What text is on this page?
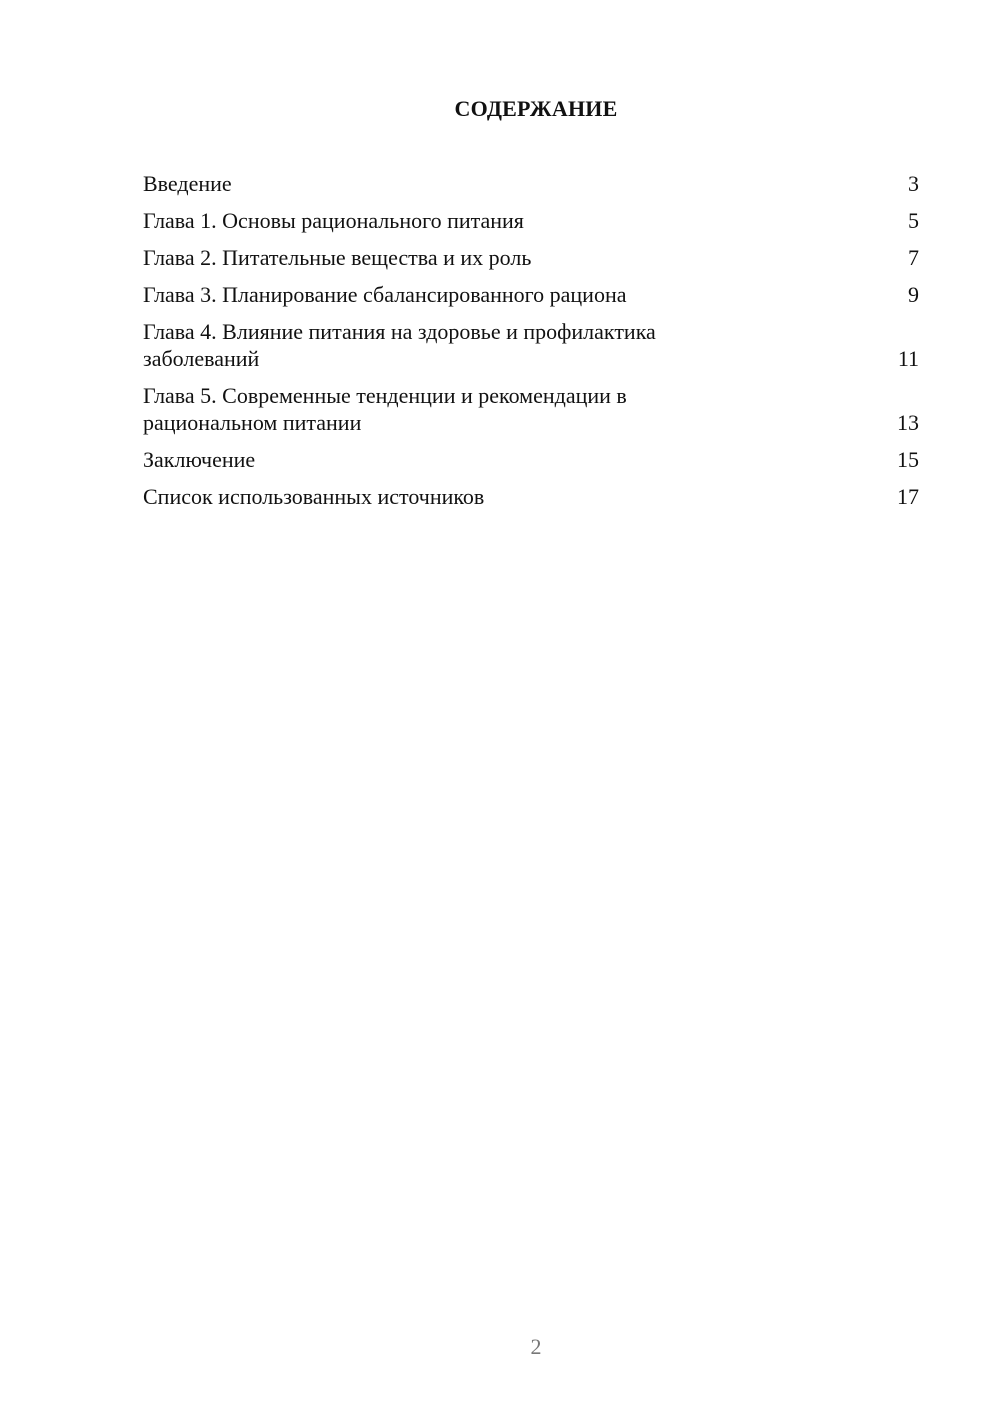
СОДЕРЖАНИЕ
Введение	3
Глава 1. Основы рационального питания	5
Глава 2. Питательные вещества и их роль	7
Глава 3. Планирование сбалансированного рациона	9
Глава 4. Влияние питания на здоровье и профилактика заболеваний	11
Глава 5. Современные тенденции и рекомендации в рациональном питании	13
Заключение	15
Список использованных источников	17
2
